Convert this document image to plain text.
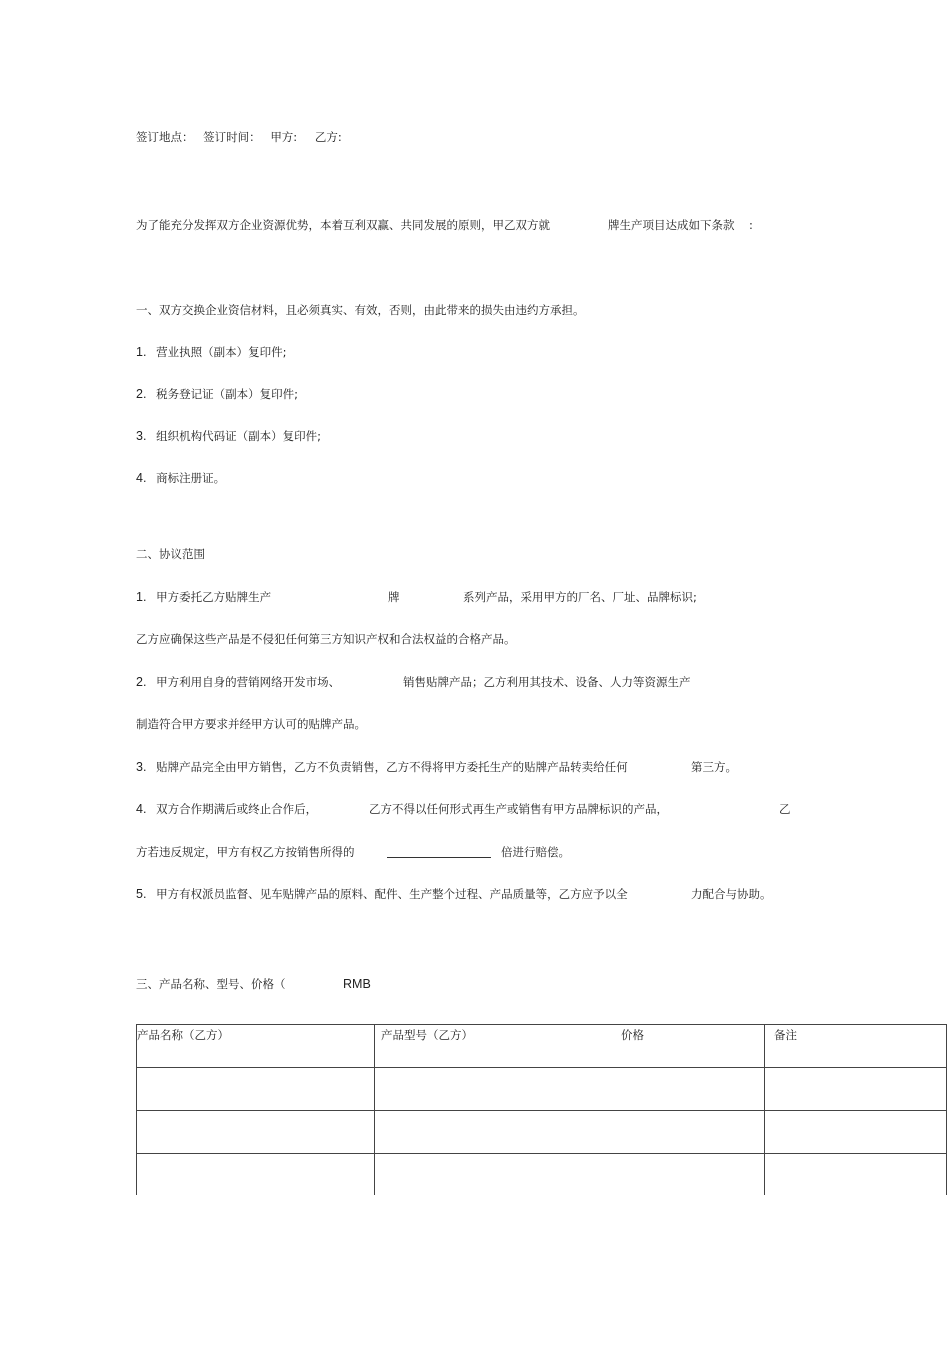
签订地点： 签订时间： 甲方: 乙方:
为了能充分发挥双方企业资源优势，本着互利双赢、共同发展的原则，甲乙双方就	牌生产项目达成如下条款 :
一、双方交换企业资信材料，且必须真实、有效，否则，由此带来的损失由违约方承担。
1. 营业执照（副本）复印件;
2. 税务登记证（副本）复印件;
3. 组织机构代码证（副本）复印件;
4. 商标注册证。
二、协议范围
1. 甲方委托乙方贴牌生产	牌	系列产品，采用甲方的厂名、厂址、品牌标识;
乙方应确保这些产品是不侵犯任何第三方知识产权和合法权益的合格产品。
2. 甲方利用自身的营销网络开发市场、	销售贴牌产品；乙方利用其技术、设备、人力等资源生产
制造符合甲方要求并经甲方认可的贴牌产品。
3. 贴牌产品完全由甲方销售，乙方不负责销售，乙方不得将甲方委托生产的贴牌产品转卖给任何	第三方。
4. 双方合作期满后或终止合作后，	乙方不得以任何形式再生产或销售有甲方品牌标识的产品，	乙
方若违反规定，甲方有权乙方按销售所得的	倍进行赔偿。
5. 甲方有权派员监督、见车贴牌产品的原料、配件、生产整个过程、产品质量等，乙方应予以全	力配合与协助。
三、产品名称、型号、价格（	RMB
产品名称（乙方）	产品型号（乙方） 价格	备注
